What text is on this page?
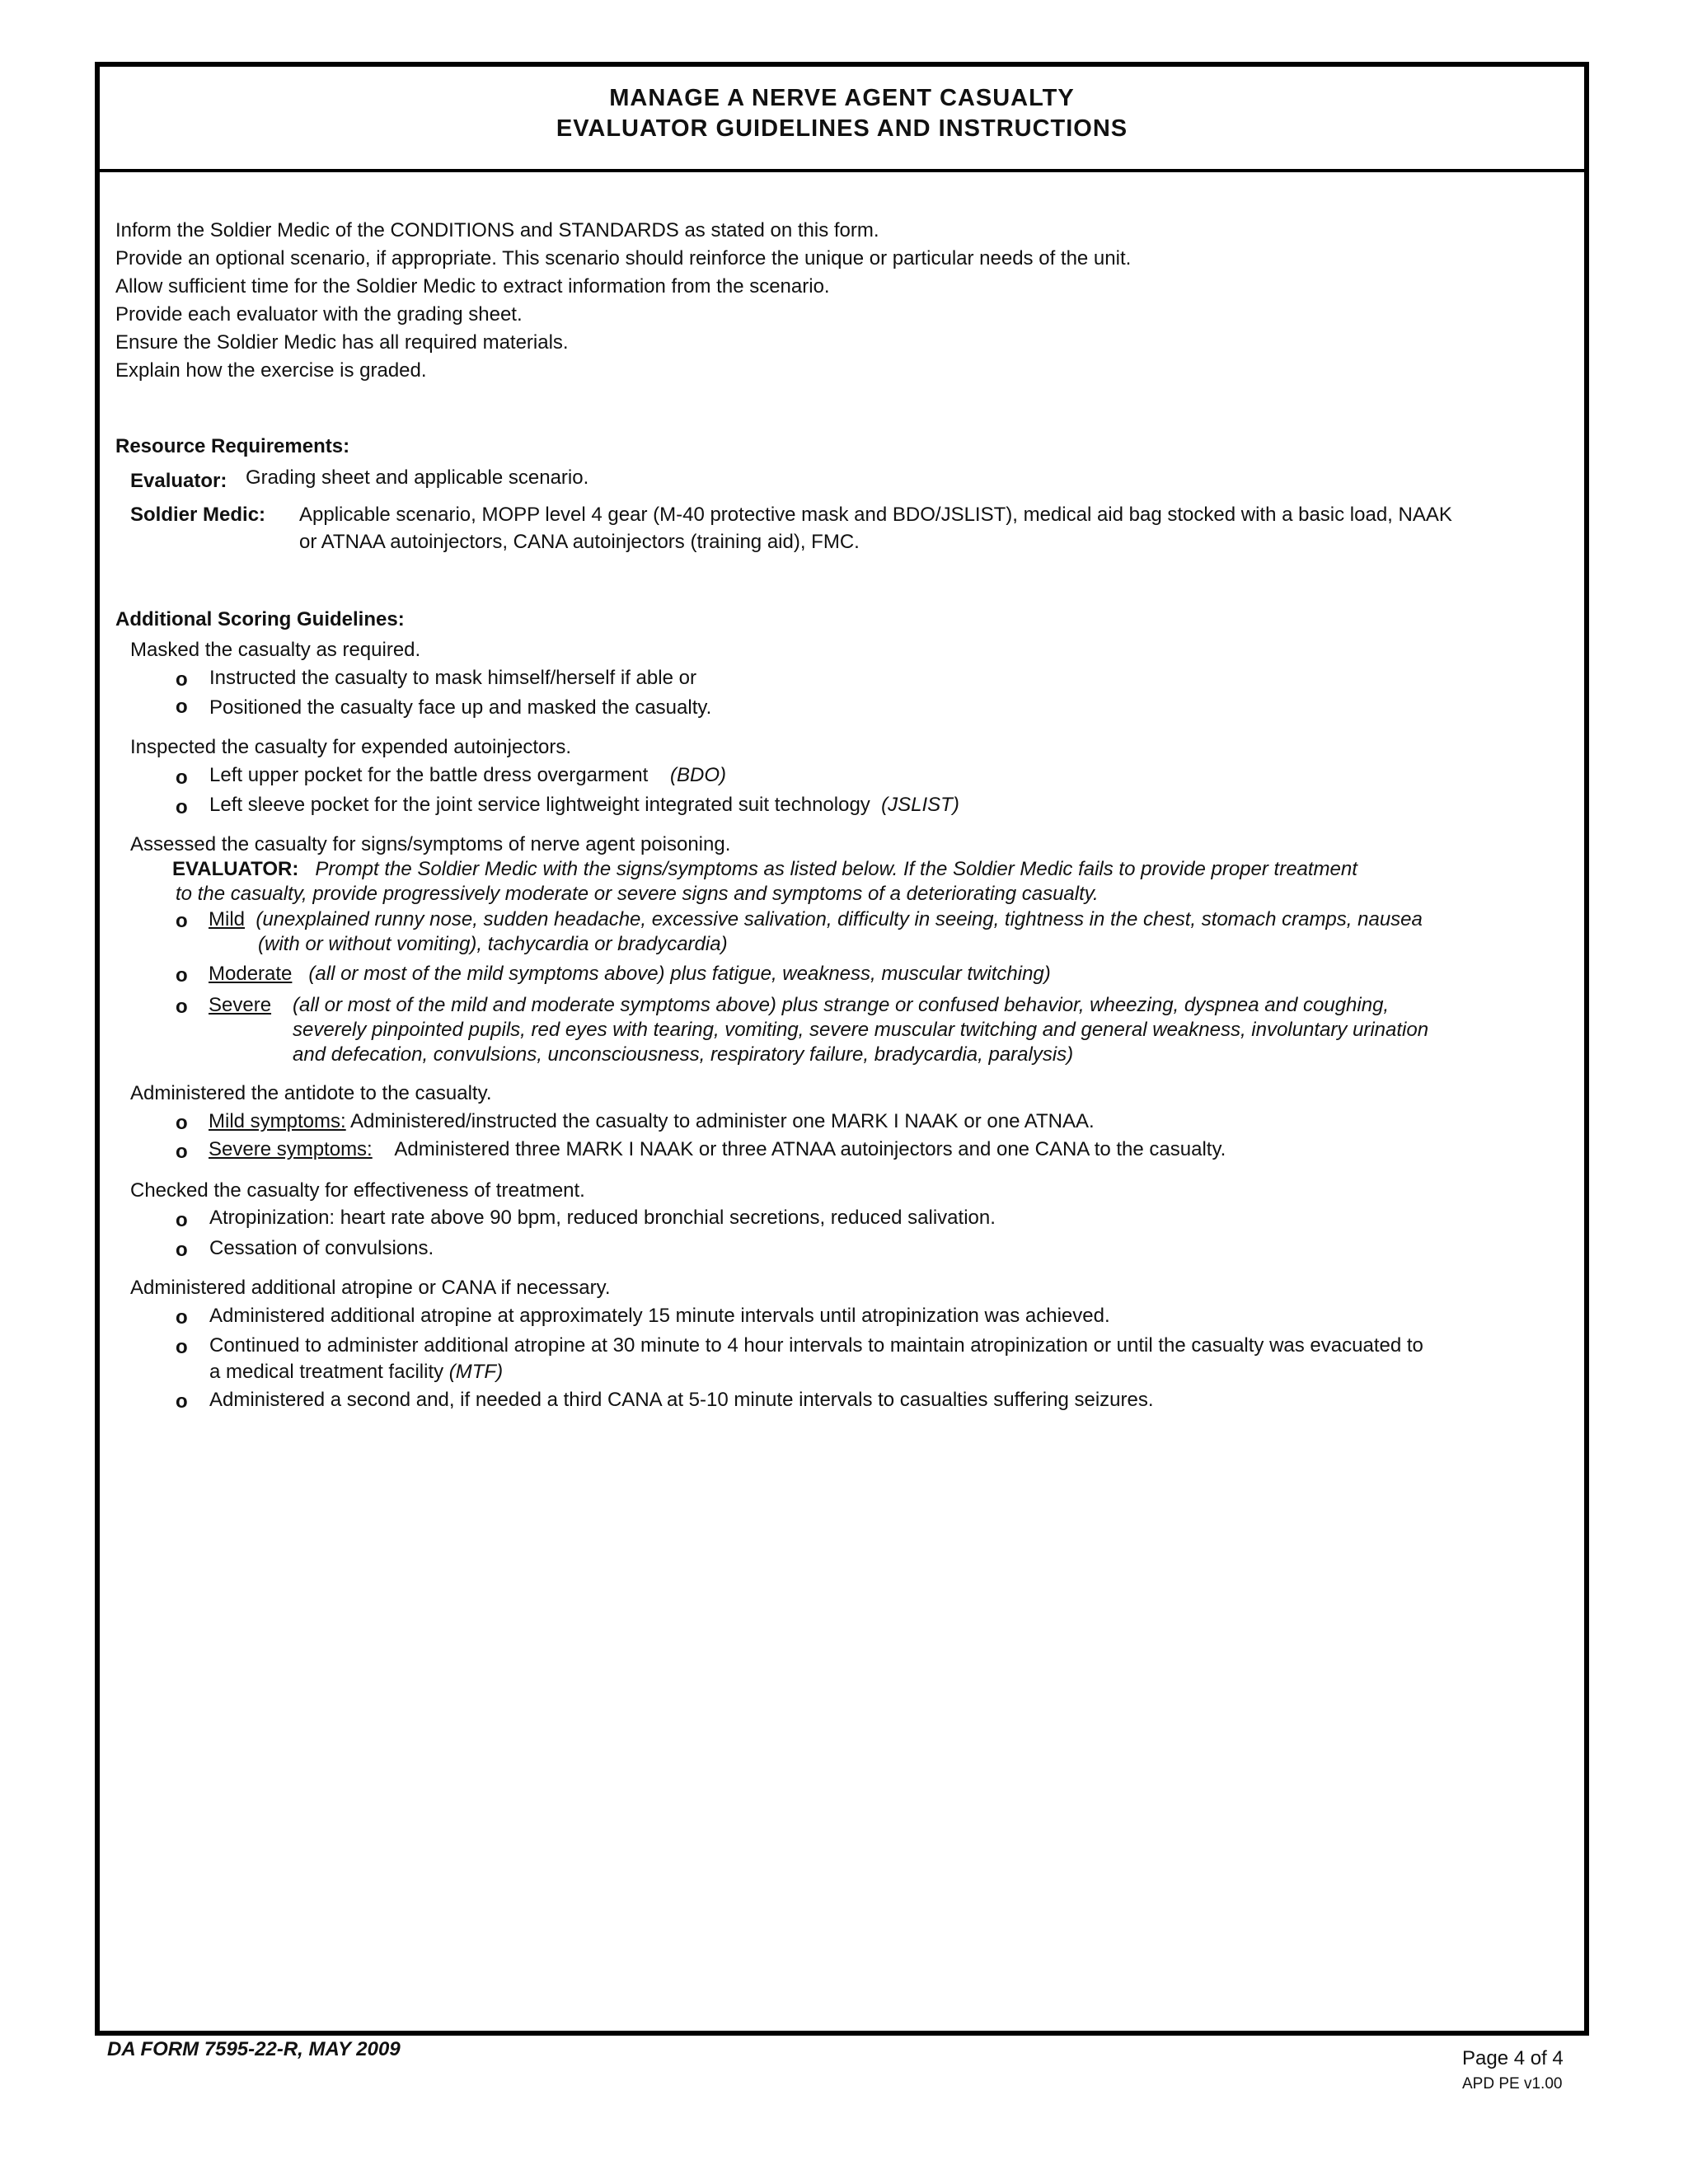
MANAGE A NERVE AGENT CASUALTY
EVALUATOR GUIDELINES AND INSTRUCTIONS
Inform the Soldier Medic of the CONDITIONS and STANDARDS as stated on this form.
Provide an optional scenario, if appropriate. This scenario should reinforce the unique or particular needs of the unit.
Allow sufficient time for the Soldier Medic to extract information from the scenario.
Provide each evaluator with the grading sheet.
Ensure the Soldier Medic has all required materials.
Explain how the exercise is graded.
Resource Requirements:
Evaluator: Grading sheet and applicable scenario.
Soldier Medic: Applicable scenario, MOPP level 4 gear (M-40 protective mask and BDO/JSLIST), medical aid bag stocked with a basic load, NAAK
or ATNAA autoinjectors, CANA autoinjectors (training aid), FMC.
Additional Scoring Guidelines:
Masked the casualty as required.
o Instructed the casualty to mask himself/herself if able or
o Positioned the casualty face up and masked the casualty.
Inspected the casualty for expended autoinjectors.
o Left upper pocket for the battle dress overgarment (BDO)
o Left sleeve pocket for the joint service lightweight integrated suit technology (JSLIST)
Assessed the casualty for signs/symptoms of nerve agent poisoning.
EVALUATOR: Prompt the Soldier Medic with the signs/symptoms as listed below. If the Soldier Medic fails to provide proper treatment
to the casualty, provide progressively moderate or severe signs and symptoms of a deteriorating casualty.
o Mild (unexplained runny nose, sudden headache, excessive salivation, difficulty in seeing, tightness in the chest, stomach cramps, nausea
(with or without vomiting), tachycardia or bradycardia)
o Moderate (all or most of the mild symptoms above) plus fatigue, weakness, muscular twitching)
o Severe (all or most of the mild and moderate symptoms above) plus strange or confused behavior, wheezing, dyspnea and coughing,
severely pinpointed pupils, red eyes with tearing, vomiting, severe muscular twitching and general weakness, involuntary urination
and defecation, convulsions, unconsciousness, respiratory failure, bradycardia, paralysis)
Administered the antidote to the casualty.
o Mild symptoms: Administered/instructed the casualty to administer one MARK I NAAK or one ATNAA.
o Severe symptoms: Administered three MARK I NAAK or three ATNAA autoinjectors and one CANA to the casualty.
Checked the casualty for effectiveness of treatment.
o Atropinization: heart rate above 90 bpm, reduced bronchial secretions, reduced salivation.
o Cessation of convulsions.
Administered additional atropine or CANA if necessary.
o Administered additional atropine at approximately 15 minute intervals until atropinization was achieved.
o Continued to administer additional atropine at 30 minute to 4 hour intervals to maintain atropinization or until the casualty was evacuated to
a medical treatment facility (MTF)
o Administered a second and, if needed a third CANA at 5-10 minute intervals to casualties suffering seizures.
DA FORM 7595-22-R, MAY 2009	Page 4 of 4
APD PE v1.00
